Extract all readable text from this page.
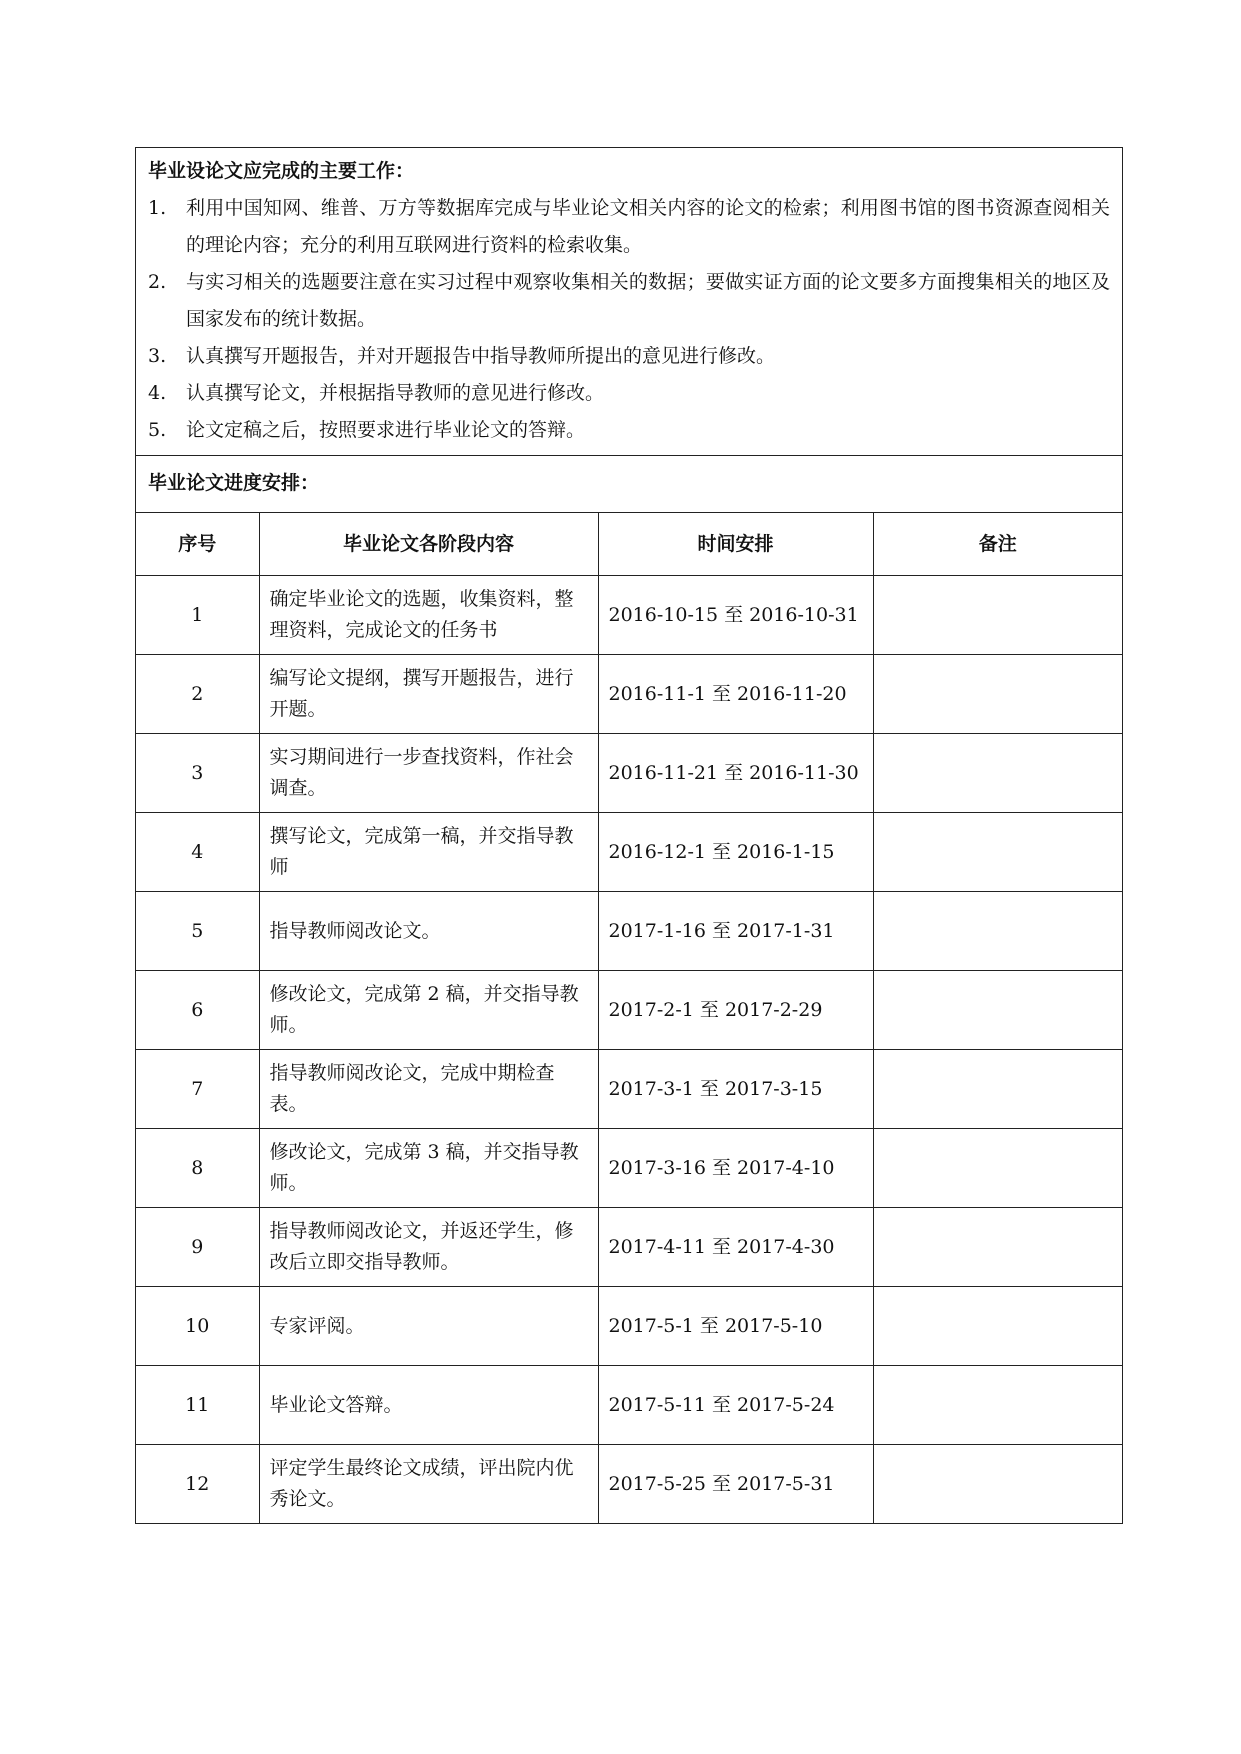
毕业设论文应完成的主要工作：

1.	利用中国知网、维普、万方等数据库完成与毕业论文相关内容的论文的检索；利用图书馆的图书资源查阅相关的理论内容；充分的利用互联网进行资料的检索收集。
2.	与实习相关的选题要注意在实习过程中观察收集相关的数据；要做实证方面的论文要多方面搜集相关的地区及国家发布的统计数据。
3.	认真撰写开题报告，并对开题报告中指导教师所提出的意见进行修改。
4.	认真撰写论文，并根据指导教师的意见进行修改。
5.	论文定稿之后，按照要求进行毕业论文的答辩。

毕业论文进度安排：

序号	毕业论文各阶段内容	时间安排	备注
1	确定毕业论文的选题，收集资料，整理资料，完成论文的任务书	2016-10-15 至 2016-10-31	
2	编写论文提纲，撰写开题报告，进行开题。	2016-11-1 至 2016-11-20	
3	实习期间进行一步查找资料，作社会调查。	2016-11-21 至 2016-11-30	
4	撰写论文，完成第一稿，并交指导教师	2016-12-1 至 2016-1-15	
5	指导教师阅改论文。	2017-1-16 至 2017-1-31	
6	修改论文，完成第 2 稿，并交指导教师。	2017-2-1 至 2017-2-29	
7	指导教师阅改论文，完成中期检查表。	2017-3-1 至 2017-3-15	
8	修改论文，完成第 3 稿，并交指导教师。	2017-3-16 至 2017-4-10	
9	指导教师阅改论文，并返还学生，修改后立即交指导教师。	2017-4-11 至 2017-4-30	
10	专家评阅。	2017-5-1 至 2017-5-10	
11	毕业论文答辩。	2017-5-11 至 2017-5-24	
12	评定学生最终论文成绩，评出院内优秀论文。	2017-5-25 至 2017-5-31	
